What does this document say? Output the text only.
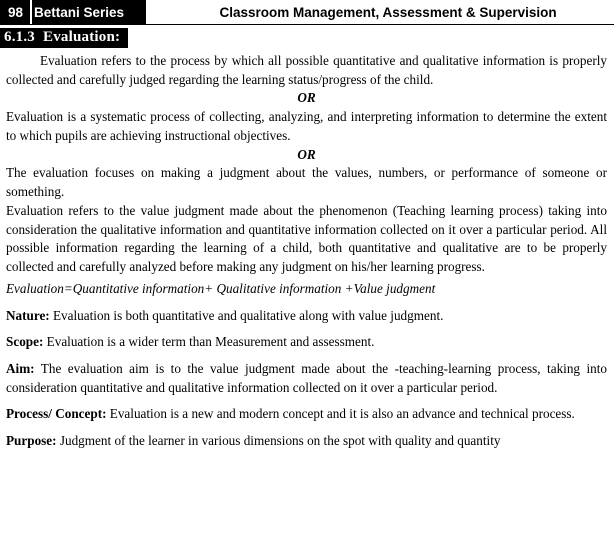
98 Bettani Series	Classroom Management, Assessment & Supervision
6.1.3 Evaluation:

Evaluation refers to the process by which all possible quantitative and qualitative information is properly collected and carefully judged regarding the learning status/progress of the child.

OR

Evaluation is a systematic process of collecting, analyzing, and interpreting information to determine the extent to which pupils are achieving instructional objectives.

OR

The evaluation focuses on making a judgment about the values, numbers, or performance of someone or something.

Evaluation refers to the value judgment made about the phenomenon (Teaching learning process) taking into consideration the qualitative information and quantitative information collected on it over a particular period. All possible information regarding the learning of a child, both quantitative and qualitative are to be properly collected and carefully analyzed before making any judgment on his/her learning progress.

Evaluation=Quantitative information+ Qualitative information +Value judgment

Nature: Evaluation is both quantitative and qualitative along with value judgment.

Scope: Evaluation is a wider term than Measurement and assessment.

Aim: The evaluation aim is to the value judgment made about the -teaching-learning process, taking into consideration quantitative and qualitative information collected on it over a particular period.

Process/ Concept: Evaluation is a new and modern concept and it is also an advance and technical process.

Purpose: Judgment of the learner in various dimensions on the spot with quality and quantity
